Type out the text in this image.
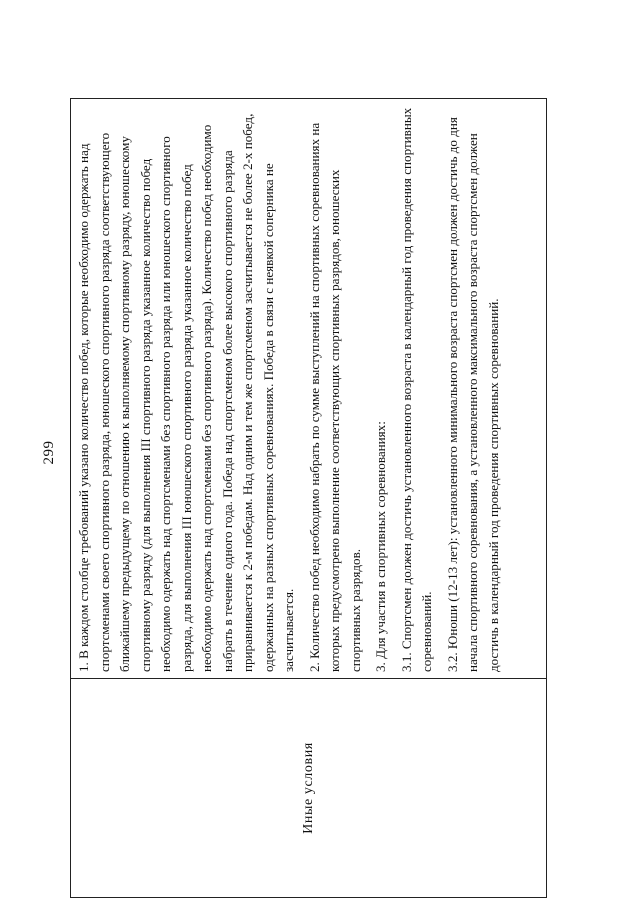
299
Иные условия

1. В каждом столбце требований указано количество побед, которые необходимо одержать над спортсменами своего спортивного разряда, юношеского спортивного разряда соответствующего ближайшему предыдущему по отношению к выполняемому спортивному разряду, юношескому спортивному разряду (для выполнения III спортивного разряда указанное количество побед необходимо одержать над спортсменами без спортивного разряда или юношеского спортивного разряда, для выполнения III юношеского спортивного разряда указанное количество побед необходимо одержать над спортсменами без спортивного разряда). Количество побед необходимо набрать в течение одного года. Победа над спортсменом более высокого спортивного разряда приравнивается к 2-м победам. Над одним и тем же спортсменом засчитывается не более 2-х побед, одержанных на разных спортивных соревнованиях. Победа в связи с неявкой соперника не засчитывается. 2. Количество побед необходимо набрать по сумме выступлений на спортивных соревнованиях на которых предусмотрено выполнение соответствующих спортивных разрядов, юношеских спортивных разрядов. 3. Для участия в спортивных соревнованиях: 3.1. Спортсмен должен достичь установленного возраста в календарный год проведения спортивных соревнований. 3.2. Юноши (12-13 лет): установленного минимального возраста спортсмен должен достичь до дня начала спортивного соревнования, а установленного максимального возраста спортсмен должен достичь в календарный год проведения спортивных соревнований.
